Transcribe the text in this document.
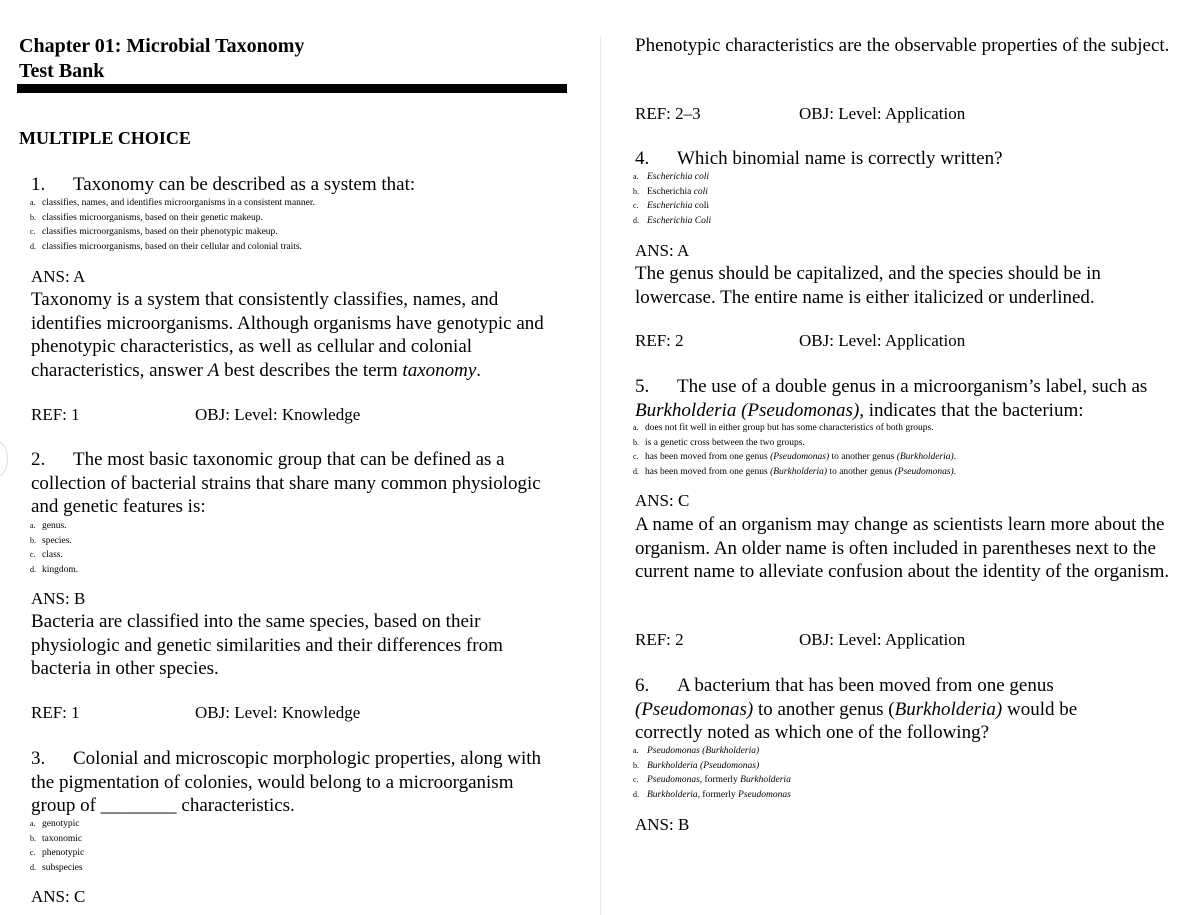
Chapter 01: Microbial Taxonomy
Test Bank
MULTIPLE CHOICE
1. Taxonomy can be described as a system that:
a. classifies, names, and identifies microorganisms in a consistent manner.
b. classifies microorganisms, based on their genetic makeup.
c. classifies microorganisms, based on their phenotypic makeup.
d. classifies microorganisms, based on their cellular and colonial traits.
ANS: A
Taxonomy is a system that consistently classifies, names, and identifies microorganisms. Although organisms have genotypic and phenotypic characteristics, as well as cellular and colonial characteristics, answer A best describes the term taxonomy.
REF: 1	OBJ: Level: Knowledge
2. The most basic taxonomic group that can be defined as a collection of bacterial strains that share many common physiologic and genetic features is:
a. genus.
b. species.
c. class.
d. kingdom.
ANS: B
Bacteria are classified into the same species, based on their physiologic and genetic similarities and their differences from bacteria in other species.
REF: 1	OBJ: Level: Knowledge
3. Colonial and microscopic morphologic properties, along with the pigmentation of colonies, would belong to a microorganism group of ________ characteristics.
a. genotypic
b. taxonomic
c. phenotypic
d. subspecies
ANS: C
Phenotypic characteristics are the observable properties of the subject.
REF: 2–3	OBJ: Level: Application
4. Which binomial name is correctly written?
a. Escherichia coli
b. Escherichia coli
c. Escherichia coli
d. Escherichia Coli
ANS: A
The genus should be capitalized, and the species should be in lowercase. The entire name is either italicized or underlined.
REF: 2	OBJ: Level: Application
5. The use of a double genus in a microorganism’s label, such as Burkholderia (Pseudomonas), indicates that the bacterium:
a. does not fit well in either group but has some characteristics of both groups.
b. is a genetic cross between the two groups.
c. has been moved from one genus (Pseudomonas) to another genus (Burkholderia).
d. has been moved from one genus (Burkholderia) to another genus (Pseudomonas).
ANS: C
A name of an organism may change as scientists learn more about the organism. An older name is often included in parentheses next to the current name to alleviate confusion about the identity of the organism.
REF: 2	OBJ: Level: Application
6. A bacterium that has been moved from one genus (Pseudomonas) to another genus (Burkholderia) would be correctly noted as which one of the following?
a. Pseudomonas (Burkholderia)
b. Burkholderia (Pseudomonas)
c. Pseudomonas, formerly Burkholderia
d. Burkholderia, formerly Pseudomonas
ANS: B
